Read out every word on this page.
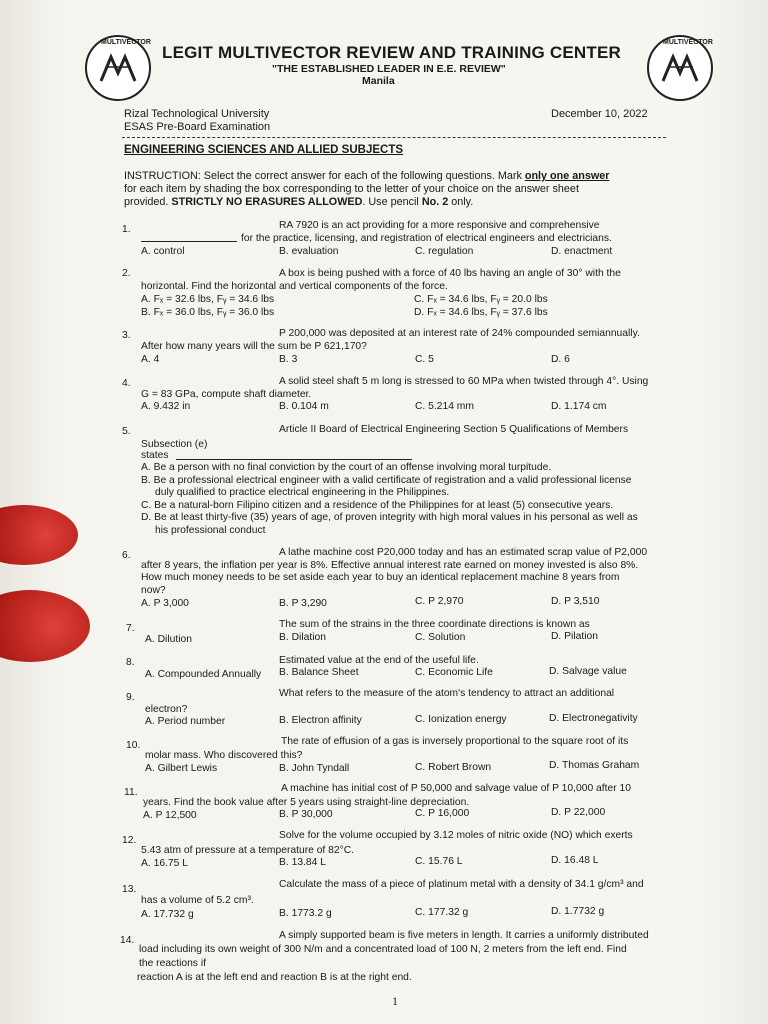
MULTIVECTOR	MULTIVECTOR
LEGIT MULTIVECTOR REVIEW AND TRAINING CENTER
"THE ESTABLISHED LEADER IN E.E. REVIEW"
Manila
Rizal Technological University
ESAS Pre-Board Examination
December 10, 2022
ENGINEERING SCIENCES AND ALLIED SUBJECTS
INSTRUCTION: Select the correct answer for each of the following questions. Mark only one answer
for each item by shading the box corresponding to the letter of your choice on the answer sheet
provided. STRICTLY NO ERASURES ALLOWED. Use pencil No. 2 only.
1.	RA 7920 is an act providing for a more responsive and comprehensive
for the practice, licensing, and registration of electrical engineers and electricians.
A. control	B. evaluation	C. regulation	D. enactment
2.	A box is being pushed with a force of 40 lbs having an angle of 30° with the
horizontal. Find the horizontal and vertical components of the force.
A. Fₓ = 32.6 lbs, Fᵧ = 34.6 lbs	C. Fₓ = 34.6 lbs, Fᵧ = 20.0 lbs
B. Fₓ = 36.0 lbs, Fᵧ = 36.0 lbs	D. Fₓ = 34.6 lbs, Fᵧ = 37.6 lbs
3.	P 200,000 was deposited at an interest rate of 24% compounded semiannually.
After how many years will the sum be P 621,170?
A. 4	B. 3	C. 5	D. 6
4.	A solid steel shaft 5 m long is stressed to 60 MPa when twisted through 4°. Using
G = 83 GPa, compute shaft diameter.
A. 9.432 in	B. 0.104 m	C. 5.214 mm	D. 1.174 cm
5.	Article II Board of Electrical Engineering Section 5 Qualifications of Members
Subsection (e)
states
A. Be a person with no final conviction by the court of an offense involving moral turpitude.
B. Be a professional electrical engineer with a valid certificate of registration and a valid professional license
duly qualified to practice electrical engineering in the Philippines.
C. Be a natural-born Filipino citizen and a residence of the Philippines for at least (5) consecutive years.
D. Be at least thirty-five (35) years of age, of proven integrity with high moral values in his personal as well as
his professional conduct
6.	A lathe machine cost P20,000 today and has an estimated scrap value of P2,000
after 8 years, the inflation per year is 8%. Effective annual interest rate earned on money invested is also 8%.
How much money needs to be set aside each year to buy an identical replacement machine 8 years from
now?
A. P 3,000	B. P 3,290	C. P 2,970	D. P 3,510
7.	The sum of the strains in the three coordinate directions is known as
A. Dilution	B. Dilation	C. Solution	D. Pilation
8.	Estimated value at the end of the useful life.
A. Compounded Annually B. Balance Sheet	C. Economic Life	D. Salvage value
9.	What refers to the measure of the atom's tendency to attract an additional
electron?
A. Period number	B. Electron affinity	C. Ionization energy	D. Electronegativity
10.	The rate of effusion of a gas is inversely proportional to the square root of its
molar mass. Who discovered this?
A. Gilbert Lewis	B. John Tyndall	C. Robert Brown	D. Thomas Graham
11.	A machine has initial cost of P 50,000 and salvage value of P 10,000 after 10
years. Find the book value after 5 years using straight-line depreciation.
A. P 12,500	B. P 30,000	C. P 16,000	D. P 22,000
12.	Solve for the volume occupied by 3.12 moles of nitric oxide (NO) which exerts
5.43 atm of pressure at a temperature of 82°C.
A. 16.75 L	B. 13.84 L	C. 15.76 L	D. 16.48 L
13.	Calculate the mass of a piece of platinum metal with a density of 34.1 g/cm³ and
has a volume of 5.2 cm³.
A. 17.732 g	B. 1773.2 g	C. 177.32 g	D. 1.7732 g
14.	A simply supported beam is five meters in length. It carries a uniformly distributed
load including its own weight of 300 N/m and a concentrated load of 100 N, 2 meters from the left end. Find
the reactions if
reaction A is at the left end and reaction B is at the right end.
1
